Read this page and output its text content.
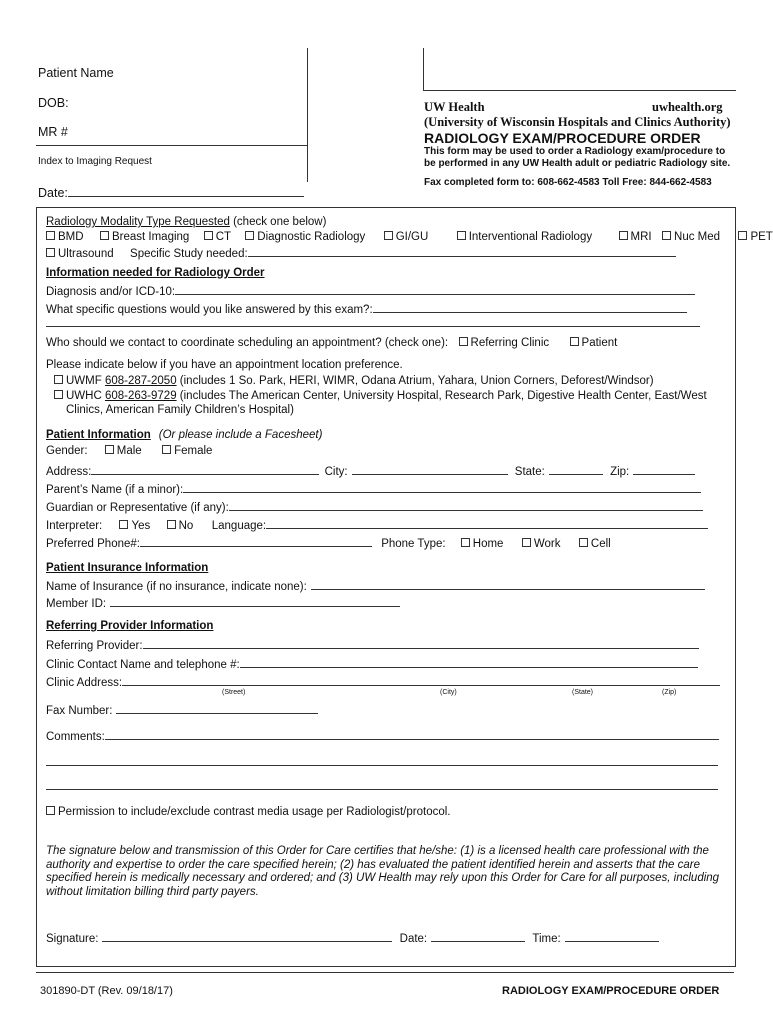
Patient Name
DOB:
MR #
Index to Imaging Request
Date:
UW Health	uwhealth.org
(University of Wisconsin Hospitals and Clinics Authority)
RADIOLOGY EXAM/PROCEDURE ORDER
This form may be used to order a Radiology exam/procedure to
be performed in any UW Health adult or pediatric Radiology site.
Fax completed form to: 608-662-4583 Toll Free: 844-662-4583
Radiology Modality Type Requested (check one below)
BMD Breast Imaging CT Diagnostic Radiology	GI/GU	Interventional Radiology	MRI Nuc Med	PET
Ultrasound Specific Study needed:
Information needed for Radiology Order
Diagnosis and/or ICD-10:
What specific questions would you like answered by this exam?:
Who should we contact to coordinate scheduling an appointment? (check one): Referring Clinic	Patient
Please indicate below if you have an appointment location preference.
UWMF 608-287-2050 (includes 1 So. Park, HERI, WIMR, Odana Atrium, Yahara, Union Corners, Deforest/Windsor)
UWHC 608-263-9729 (includes The American Center, University Hospital, Research Park, Digestive Health Center, East/West
Clinics, American Family Children’s Hospital)
Patient Information (Or please include a Facesheet)
Gender:	Male	Female
Address:	City:	State:	Zip:
Parent’s Name (if a minor):
Guardian or Representative (if any):
Interpreter:	Yes No Language:
Preferred Phone#:	Phone Type: Home	Work	Cell
Patient Insurance Information
Name of Insurance (if no insurance, indicate none):
Member ID:
Referring Provider Information
Referring Provider:
Clinic Contact Name and telephone #:
Clinic Address:
(Street)	(City)	(State)	(Zip)
Fax Number:
Comments:
Permission to include/exclude contrast media usage per Radiologist/protocol.
The signature below and transmission of this Order for Care certifies that he/she: (1) is a licensed health care professional with the
authority and expertise to order the care specified herein; (2) has evaluated the patient identified herein and asserts that the care
specified herein is medically necessary and ordered; and (3) UW Health may rely upon this Order for Care for all purposes, including
without limitation billing third party payers.
Signature:	Date:	Time:
301890-DT (Rev. 09/18/17)	RADIOLOGY EXAM/PROCEDURE ORDER
